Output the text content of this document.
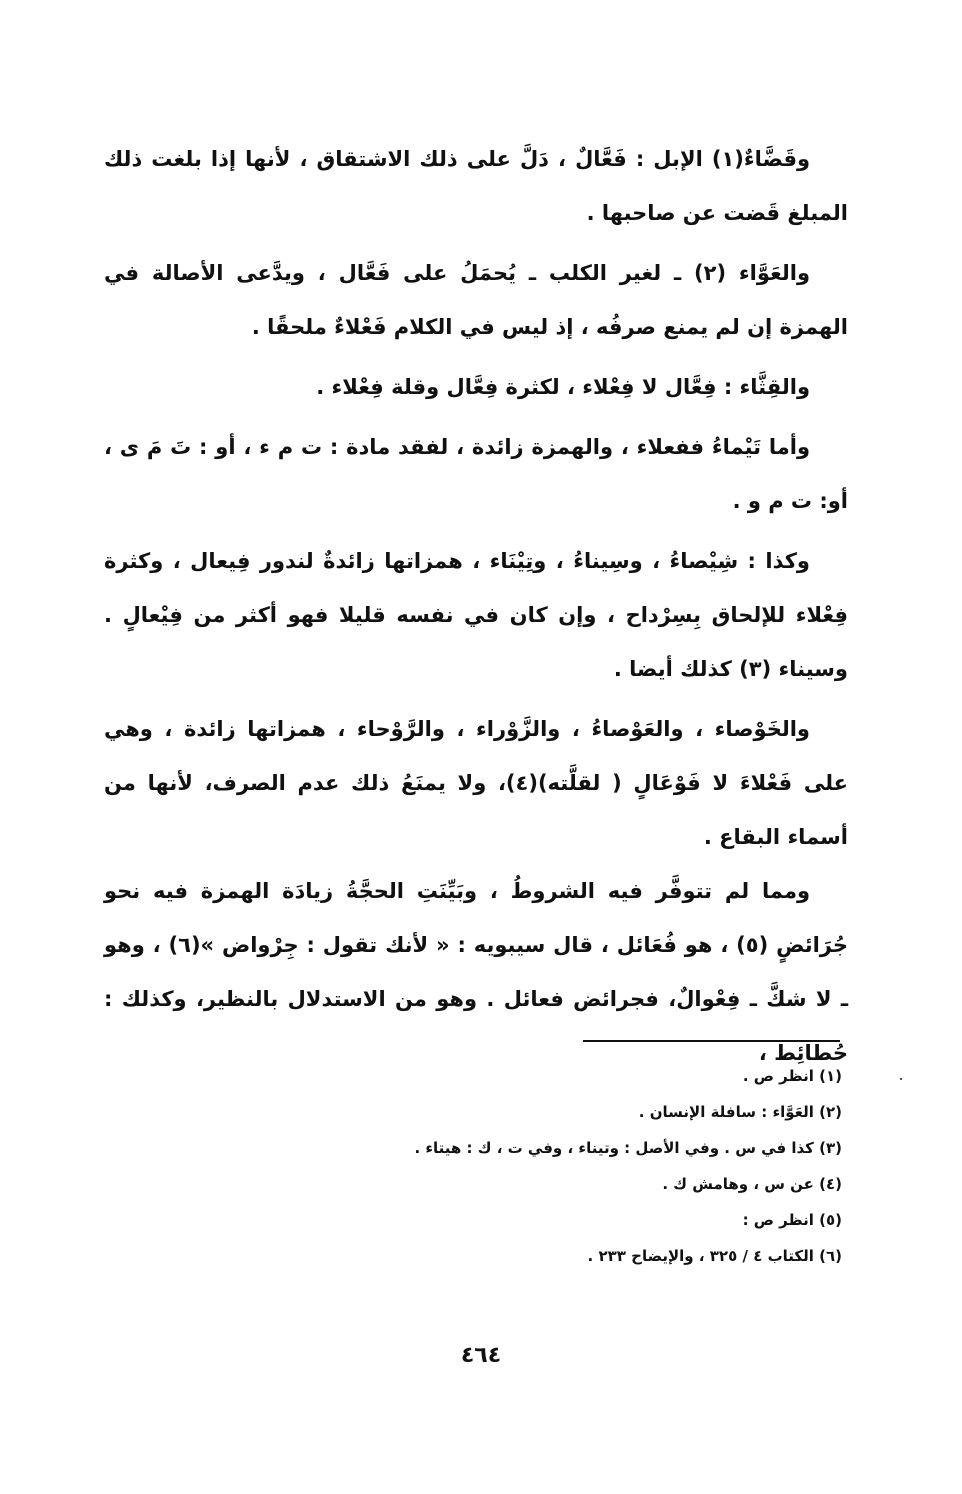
وقَضَّاءٌ(١) الإبل : فَعَّالٌ ، دَلَّ على ذلك الاشتقاق ، لأنها إذا بلغت ذلك المبلغ قَضت عن صاحبها .

والعَوَّاء (٢) ـ لغير الكلب ـ يُحمَلُ على فَعَّال ، ويدَّعى الأصالة في الهمزة إن لم يمنع صرفُه ، إذ ليس في الكلام فَعْلاءٌ ملحقًا .

والقِثَّاء : فِعَّال لا فِعْلاء ، لكثرة فِعَّال وقلة فِعْلاء .

وأما تَيْماءُ ففعلاء ، والهمزة زائدة ، لفقد مادة : ت م ء ، أو : تَ مَ ى ، أو: ت م و .

وكذا : شِيْصاءُ ، وسِيناءُ ، وتِيْنَاء ، همزاتها زائدةٌ لندور فِيعال ، وكثرة فِعْلاء للإلحاق بِسِرْداح ، وإن كان في نفسه قليلا فهو أكثر من فِيْعالٍ . وسيناء (٣) كذلك أيضا .

والخَوْصاء ، والعَوْصاءُ ، والزَّوْراء ، والرَّوْحاء ، همزاتها زائدة ، وهي على فَعْلاءَ لا فَوْعَالٍ ( لقلَّته)(٤)، ولا يمنَعُ ذلك عدم الصرف، لأنها من أسماء البقاع .

ومما لم تتوفَّر فيه الشروطُ ، وبَيِّنَتِ الحجَّةُ زيادَة الهمزة فيه نحو جُرَائضٍ (٥) ، هو فُعَائل ، قال سيبويه : « لأنك تقول : جِرْواض »(٦) ، وهو ـ لا شكَّ ـ فِعْوالٌ، فجرائض فعائل . وهو من الاستدلال بالنظير، وكذلك : حُطائِط ،

(١) انظر ص .
(٢) العَوَّاء : سافلة الإنسان .
(٣) كذا في س . وفي الأصل : وتيناء ، وفي ت ، ك : هيتاء .
(٤) عن س ، وهامش ك .
(٥) انظر ص :
(٦) الكتاب ٤ / ٣٢٥ ، والإيضاح ٢٣٣ .
٤٦٤
